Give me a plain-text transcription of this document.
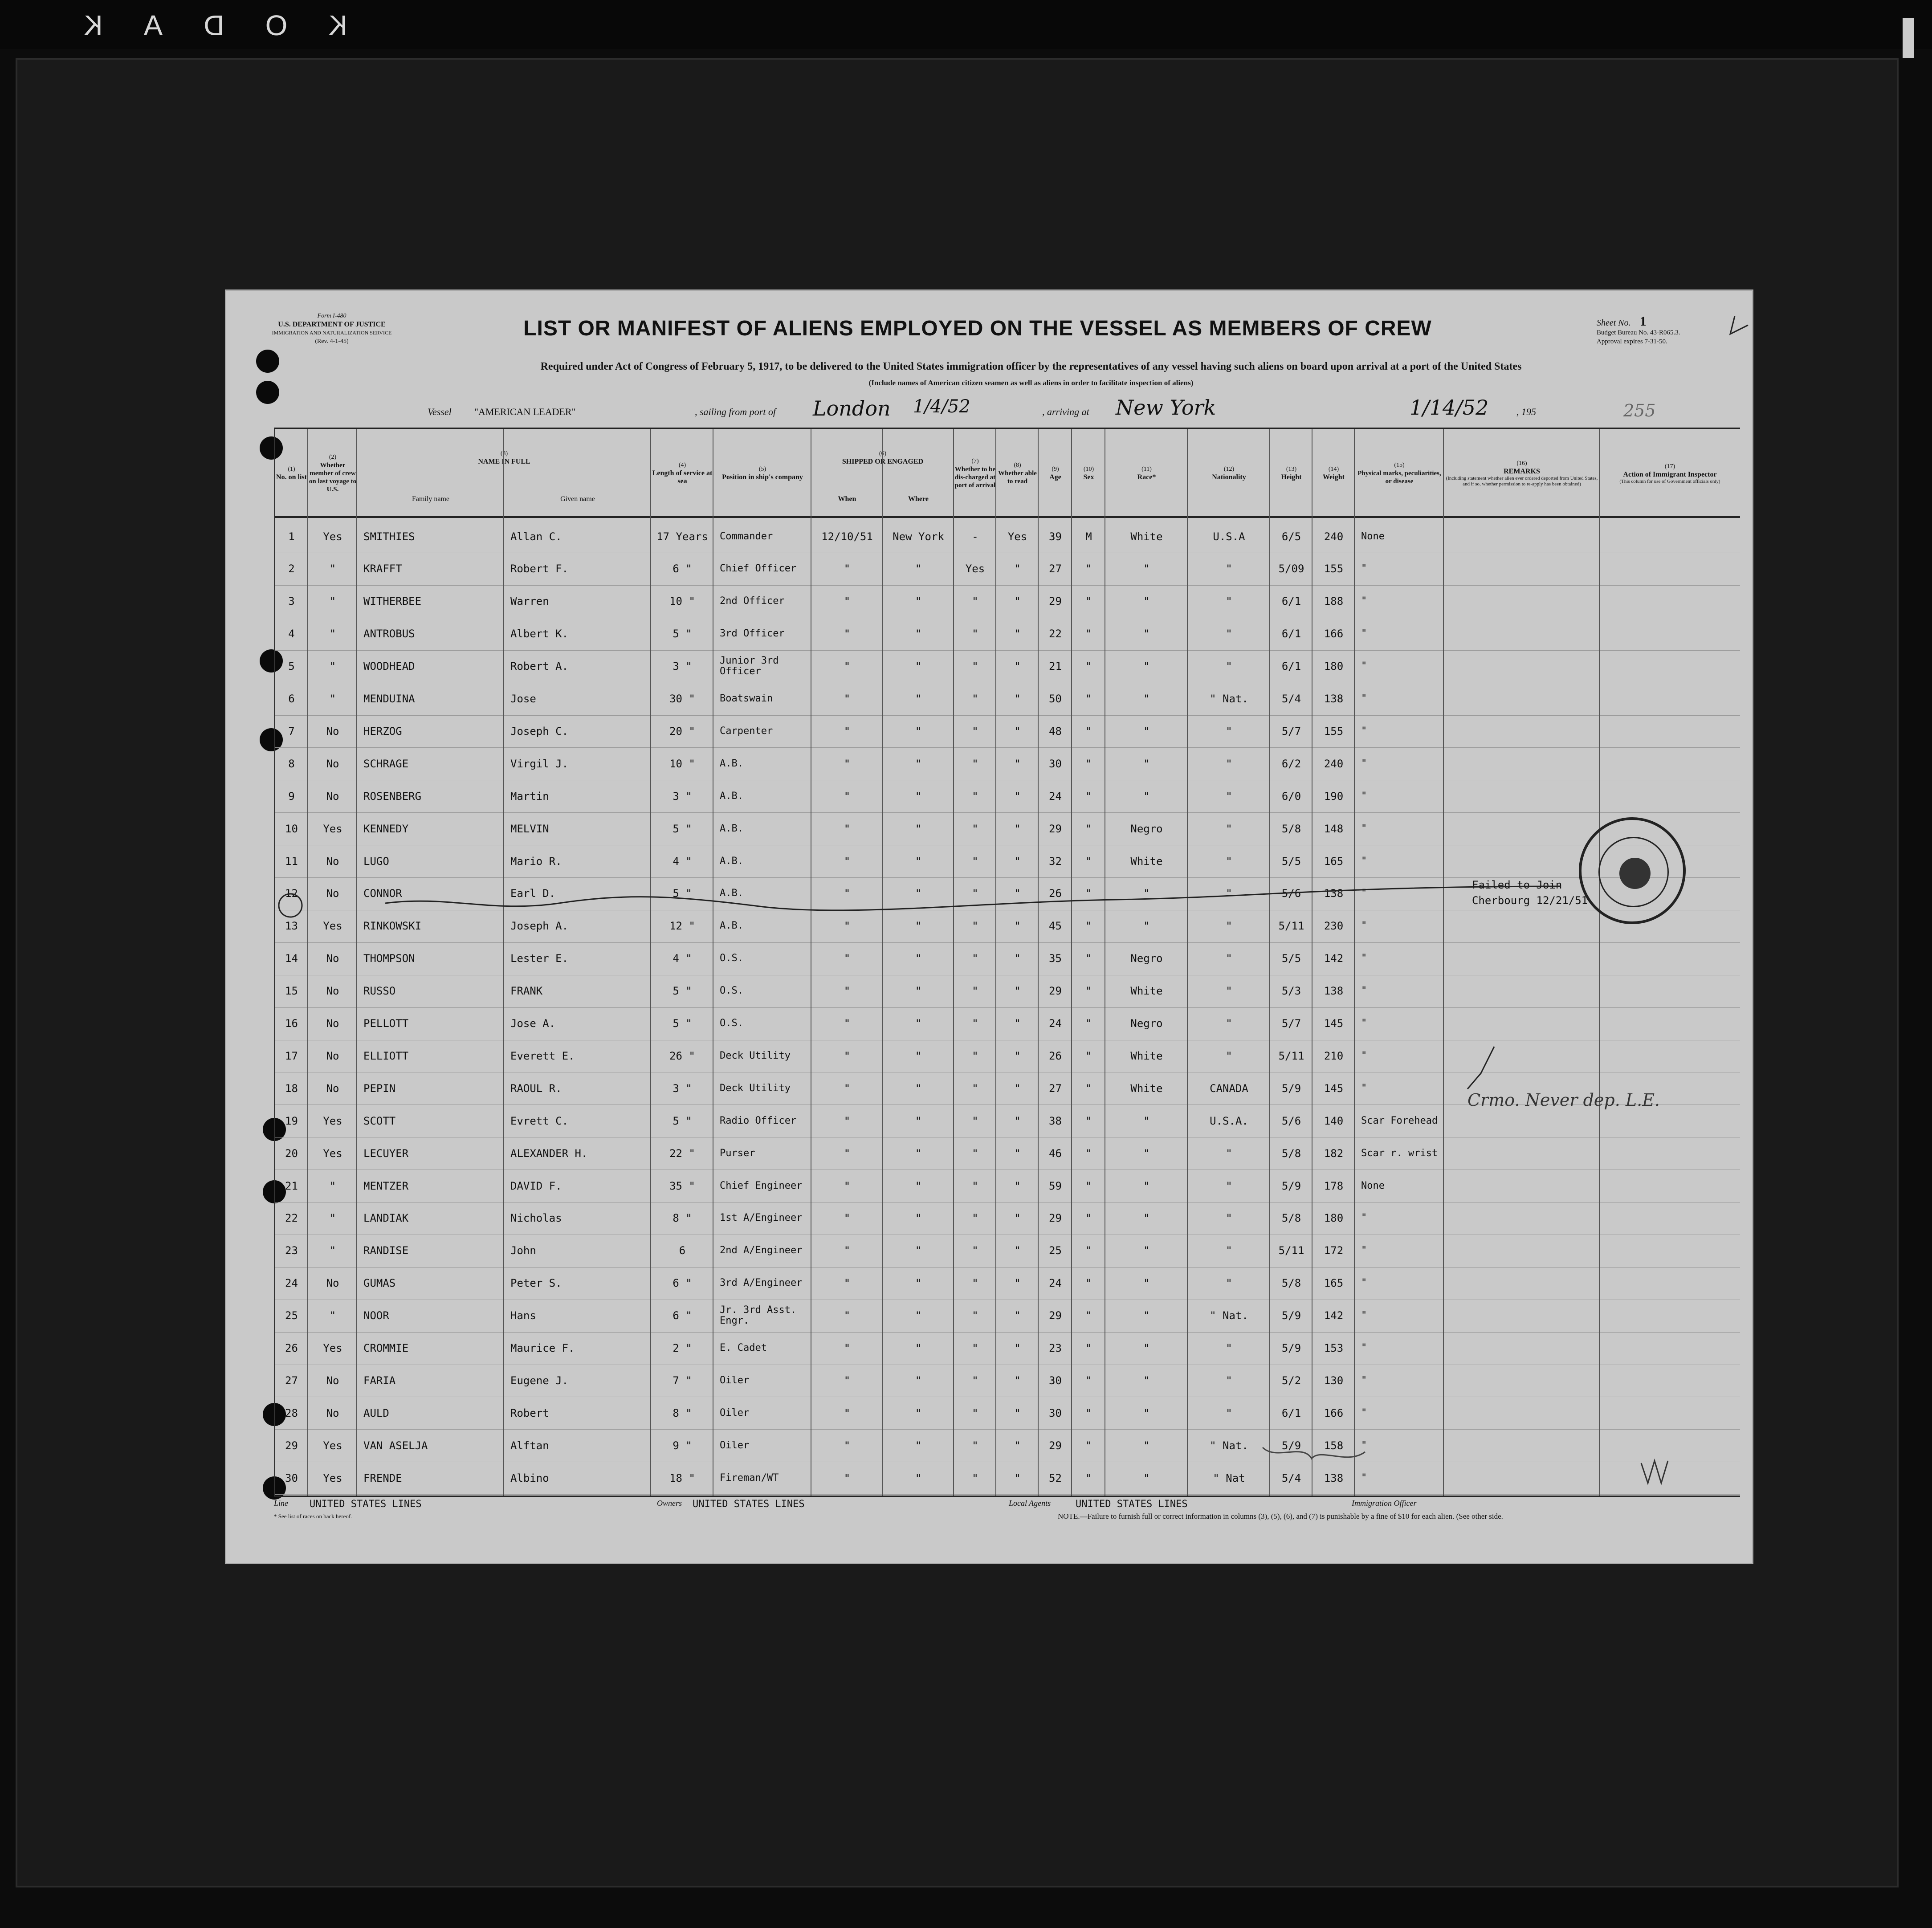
KODAK
Form I-480
U.S. DEPARTMENT OF JUSTICE
IMMIGRATION AND NATURALIZATION SERVICE
(Rev. 4-1-45)
LIST OR MANIFEST OF ALIENS EMPLOYED ON THE VESSEL AS MEMBERS OF CREW	Sheet No. 1
Budget Bureau No. 43-R065.3.
Approval expires 7-31-50.
Required under Act of Congress of February 5, 1917, to be delivered to the United States immigration officer by the representatives of any vessel having such aliens on board upon arrival at a port of the United States
(Include names of American citizen seamen as well as aliens in order to facilitate inspection of aliens)
Vessel "AMERICAN LEADER"	, sailing from port of London 1/4/52	, arriving at New York	1/14/52	, 195	255
(1)
No. on list
(2)
Whether member of crew on last voyage to U.S.
(3)
NAME IN FULL
Family name	Given name
(4)
Length of service at sea
(5)
Position in ship's company
(6)
SHIPPED OR ENGAGED
When	Where
(7)
Whether to be dis-charged at port of arrival
(8)
Whether able to read
(9)
Age
(10)
Sex
(11)
Race*
(12)
Nationality
(13)
Height
(14)
Weight
(15)
Physical marks, peculiarities, or disease
(16)
REMARKS
(Including statement whether alien ever ordered deported from United States, and if so, whether permission to re-apply has been obtained)
(17)
Action of Immigrant Inspector
(This column for use of Government officials only)
1	Yes	SMITHIES	Allan C.	17 Years	Commander	12/10/51	New York	-	Yes	39	M	White	U.S.A	6/5	240	None
2	"	KRAFFT	Robert F.	6 "	Chief Officer	"	"	Yes	"	27	"	"	"	5/09	155	"
3	"	WITHERBEE	Warren	10 "	2nd Officer	"	"	"	"	29	"	"	"	6/1	188	"
4	"	ANTROBUS	Albert K.	5 "	3rd Officer	"	"	"	"	22	"	"	"	6/1	166	"
5	"	WOODHEAD	Robert A.	3 "	Junior 3rd Officer	"	"	"	"	21	"	"	"	6/1	180	"
6	"	MENDUINA	Jose	30 "	Boatswain	"	"	"	"	50	"	"	" Nat.	5/4	138	"
7	No	HERZOG	Joseph C.	20 "	Carpenter	"	"	"	"	48	"	"	"	5/7	155	"
8	No	SCHRAGE	Virgil J.	10 "	A.B.	"	"	"	"	30	"	"	"	6/2	240	"
9	No	ROSENBERG	Martin	3 "	A.B.	"	"	"	"	24	"	"	"	6/0	190	"
10	Yes	KENNEDY	MELVIN	5 "	A.B.	"	"	"	"	29	"	Negro	"	5/8	148	"
11	No	LUGO	Mario R.	4 "	A.B.	"	"	"	"	32	"	White	"	5/5	165	"
12	No	CONNOR	Earl D.	5 "	A.B.	"	"	"	"	26	"	"	"	5/6	138	"
13	Yes	RINKOWSKI	Joseph A.	12 "	A.B.	"	"	"	"	45	"	"	"	5/11	230	"
14	No	THOMPSON	Lester E.	4 "	O.S.	"	"	"	"	35	"	Negro	"	5/5	142	"
15	No	RUSSO	FRANK	5 "	O.S.	"	"	"	"	29	"	White	"	5/3	138	"
16	No	PELLOTT	Jose A.	5 "	O.S.	"	"	"	"	24	"	Negro	"	5/7	145	"
17	No	ELLIOTT	Everett E.	26 "	Deck Utility	"	"	"	"	26	"	White	"	5/11	210	"
18	No	PEPIN	RAOUL R.	3 "	Deck Utility	"	"	"	"	27	"	White	CANADA	5/9	145	"
19	Yes	SCOTT	Evrett C.	5 "	Radio Officer	"	"	"	"	38	"	"	U.S.A.	5/6	140	Scar Forehead
20	Yes	LECUYER	ALEXANDER H.	22 "	Purser	"	"	"	"	46	"	"	"	5/8	182	Scar r. wrist
21	"	MENTZER	DAVID F.	35 "	Chief Engineer	"	"	"	"	59	"	"	"	5/9	178	None
22	"	LANDIAK	Nicholas	8 "	1st A/Engineer	"	"	"	"	29	"	"	"	5/8	180	"
23	"	RANDISE	John	6	2nd A/Engineer	"	"	"	"	25	"	"	"	5/11	172	"
24	No	GUMAS	Peter S.	6 "	3rd A/Engineer	"	"	"	"	24	"	"	"	5/8	165	"
25	"	NOOR	Hans	6 "	Jr. 3rd Asst. Engr.	"	"	"	"	29	"	"	" Nat.	5/9	142	"
26	Yes	CROMMIE	Maurice F.	2 "	E. Cadet	"	"	"	"	23	"	"	"	5/9	153	"
27	No	FARIA	Eugene J.	7 "	Oiler	"	"	"	"	30	"	"	"	5/2	130	"
28	No	AULD	Robert	8 "	Oiler	"	"	"	"	30	"	"	"	6/1	166	"
29	Yes	VAN ASELJA	Alftan	9 "	Oiler	"	"	"	"	29	"	"	" Nat.	5/9	158	"
30	Yes	FRENDE	Albino	18 "	Fireman/WT	"	"	"	"	52	"	"	" Nat	5/4	138	"
Failed to Join
Cherbourg 12/21/51
Crmo. Never dep. L.E.
Line UNITED STATES LINES	Owners UNITED STATES LINES	Local Agents	UNITED STATES LINES	Immigration Officer
* See list of races on back hereof.	NOTE.—Failure to furnish full or correct information in columns (3), (5), (6), and (7) is punishable by a fine of $10 for each alien. (See other side.
